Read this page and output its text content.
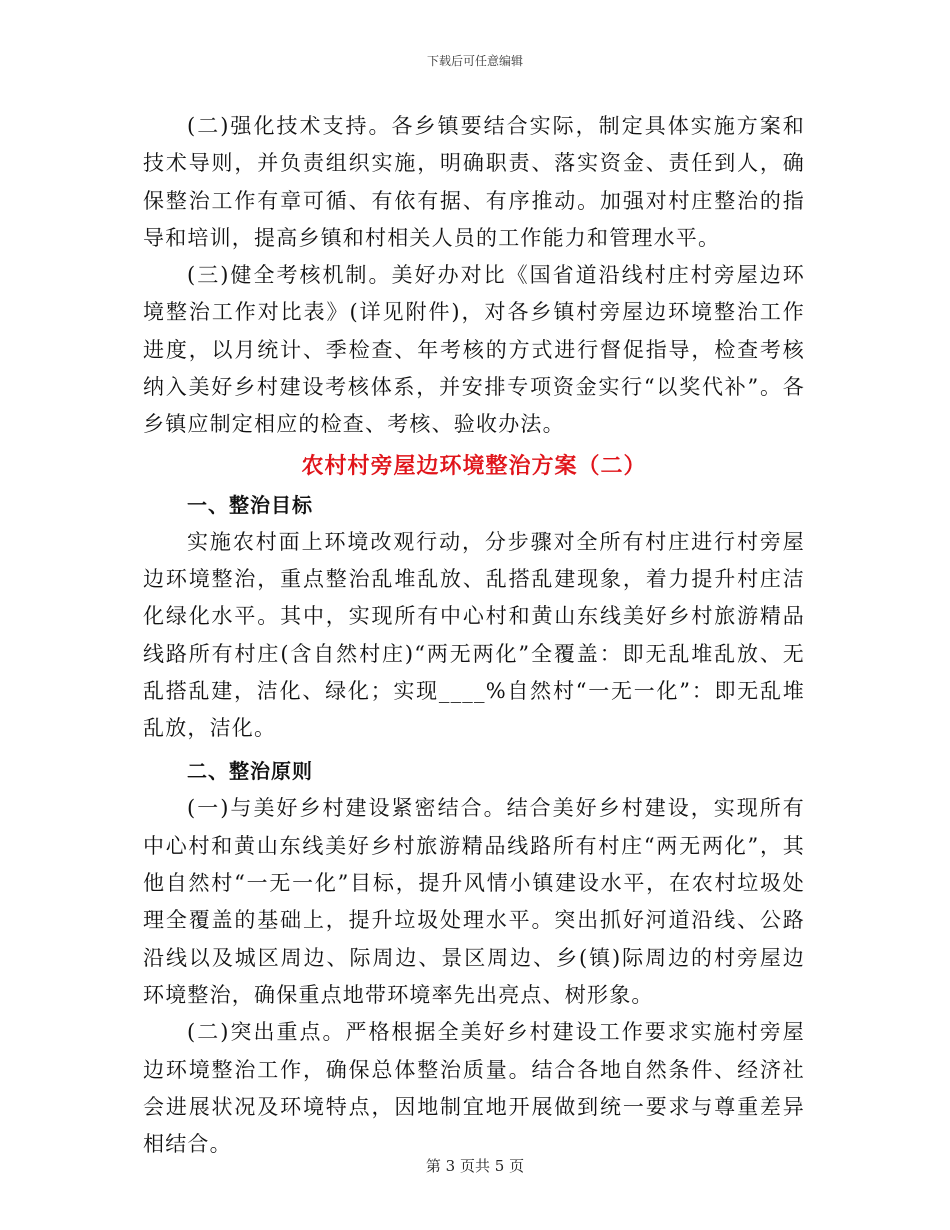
下载后可任意编辑

(二)强化技术支持。各乡镇要结合实际，制定具体实施方案和技术导则，并负责组织实施，明确职责、落实资金、责任到人，确保整治工作有章可循、有依有据、有序推动。加强对村庄整治的指导和培训，提高乡镇和村相关人员的工作能力和管理水平。

(三)健全考核机制。美好办对比《国省道沿线村庄村旁屋边环境整治工作对比表》(详见附件)，对各乡镇村旁屋边环境整治工作进度，以月统计、季检查、年考核的方式进行督促指导，检查考核纳入美好乡村建设考核体系，并安排专项资金实行“以奖代补”。各乡镇应制定相应的检查、考核、验收办法。

农村村旁屋边环境整治方案（二）
一、整治目标

实施农村面上环境改观行动，分步骤对全所有村庄进行村旁屋边环境整治，重点整治乱堆乱放、乱搭乱建现象，着力提升村庄洁化绿化水平。其中，实现所有中心村和黄山东线美好乡村旅游精品线路所有村庄(含自然村庄)“两无两化”全覆盖：即无乱堆乱放、无乱搭乱建，洁化、绿化；实现____%自然村“一无一化”：即无乱堆乱放，洁化。

二、整治原则

(一)与美好乡村建设紧密结合。结合美好乡村建设，实现所有中心村和黄山东线美好乡村旅游精品线路所有村庄“两无两化”，其他自然村“一无一化”目标，提升风情小镇建设水平，在农村垃圾处理全覆盖的基础上，提升垃圾处理水平。突出抓好河道沿线、公路沿线以及城区周边、际周边、景区周边、乡(镇)际周边的村旁屋边环境整治，确保重点地带环境率先出亮点、树形象。

(二)突出重点。严格根据全美好乡村建设工作要求实施村旁屋边环境整治工作，确保总体整治质量。结合各地自然条件、经济社会进展状况及环境特点，因地制宜地开展做到统一要求与尊重差异相结合。

第 3 页共 5 页
